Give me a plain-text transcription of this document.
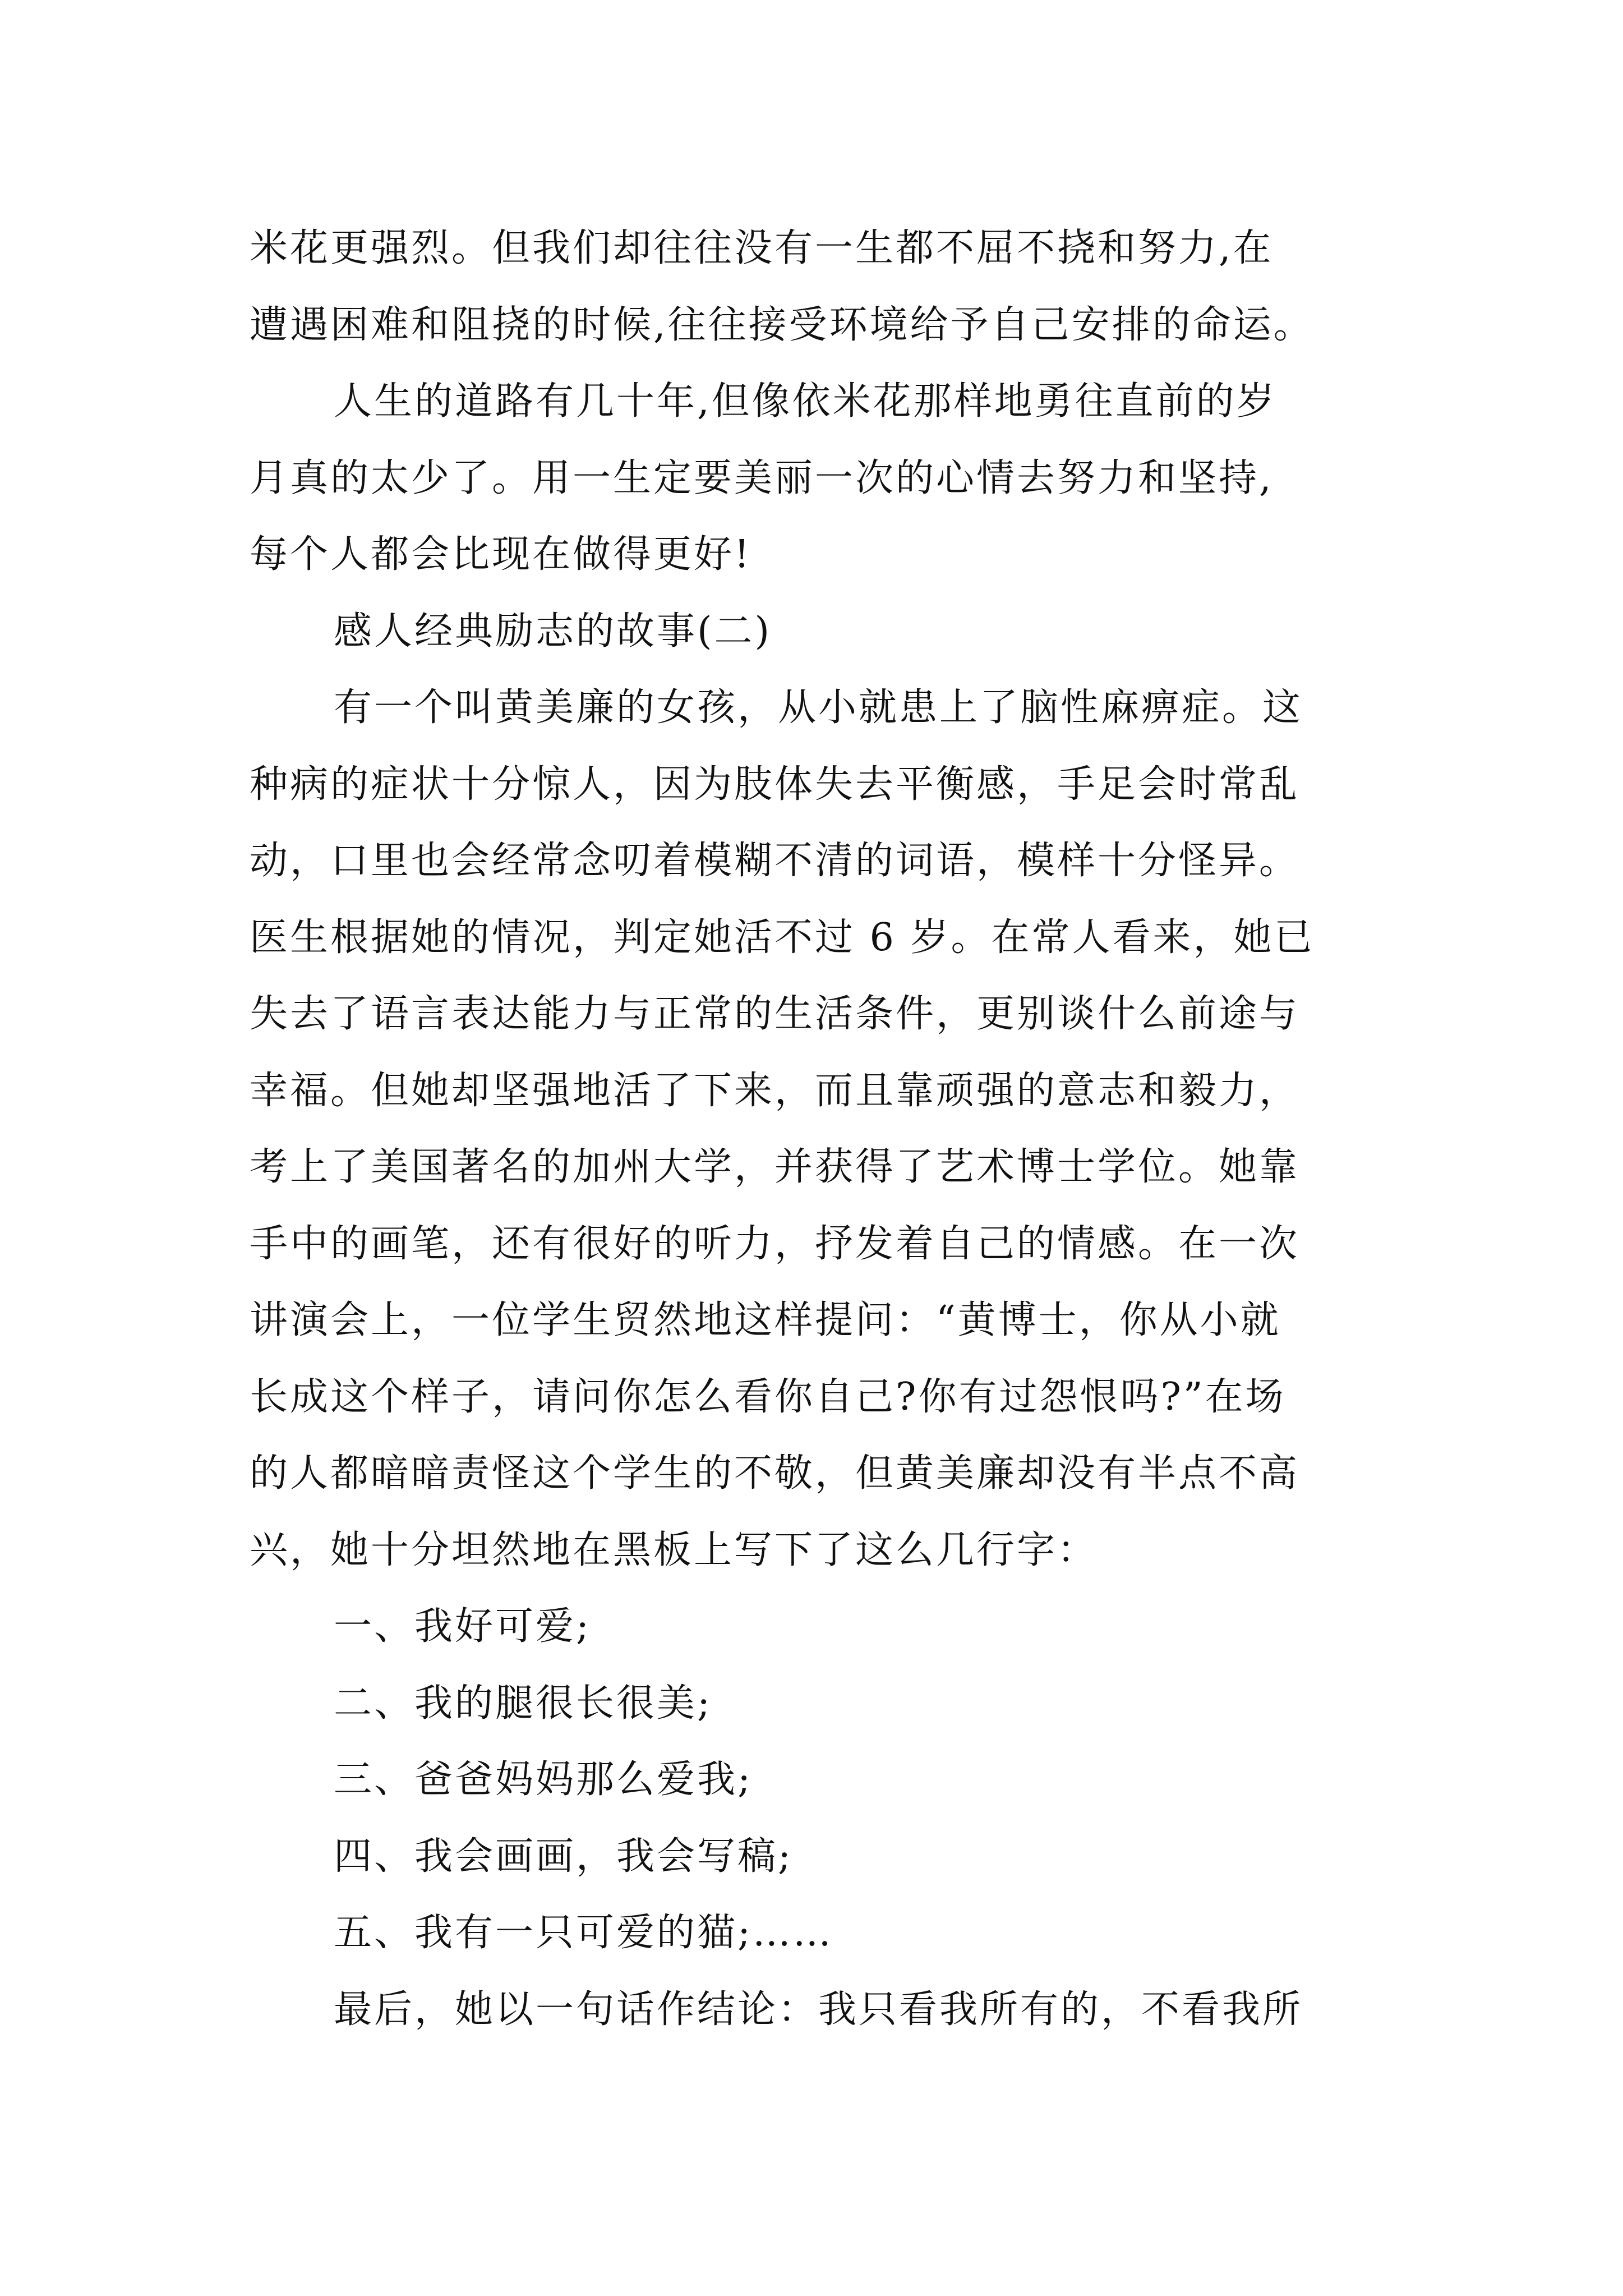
米花更强烈。但我们却往往没有一生都不屈不挠和努力,在
遭遇困难和阻挠的时候,往往接受环境给予自己安排的命运。
人生的道路有几十年,但像依米花那样地勇往直前的岁
月真的太少了。用一生定要美丽一次的心情去努力和坚持,
每个人都会比现在做得更好!
感人经典励志的故事(二)
有一个叫黄美廉的女孩，从小就患上了脑性麻痹症。这
种病的症状十分惊人，因为肢体失去平衡感，手足会时常乱
动，口里也会经常念叨着模糊不清的词语，模样十分怪异。
医生根据她的情况，判定她活不过 6 岁。在常人看来，她已
失去了语言表达能力与正常的生活条件，更别谈什么前途与
幸福。但她却坚强地活了下来，而且靠顽强的意志和毅力，
考上了美国著名的加州大学，并获得了艺术博士学位。她靠
手中的画笔，还有很好的听力，抒发着自己的情感。在一次
讲演会上，一位学生贸然地这样提问：“黄博士，你从小就
长成这个样子，请问你怎么看你自己?你有过怨恨吗?”在场
的人都暗暗责怪这个学生的不敬，但黄美廉却没有半点不高
兴，她十分坦然地在黑板上写下了这么几行字：
一、我好可爱;
二、我的腿很长很美;
三、爸爸妈妈那么爱我;
四、我会画画，我会写稿;
五、我有一只可爱的猫;……
最后，她以一句话作结论：我只看我所有的，不看我所
